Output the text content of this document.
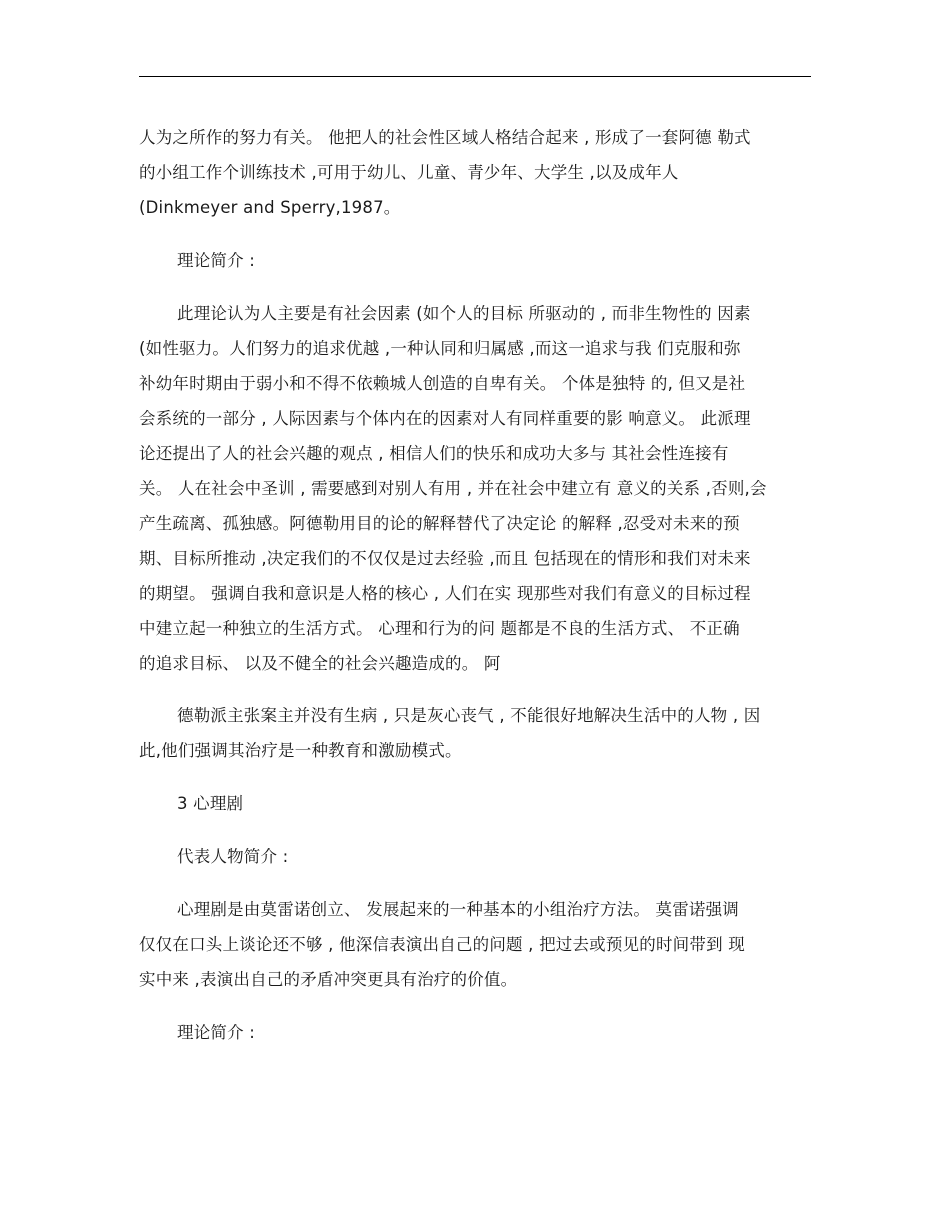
人为之所作的努力有关。 他把人的社会性区域人格结合起来 , 形成了一套阿德 勒式
的小组工作个训练技术 ,可用于幼儿、儿童、青少年、大学生 ,以及成年人
(Dinkmeyer and Sperry,1987。

理论简介 :

此理论认为人主要是有社会因素 (如个人的目标 所驱动的 , 而非生物性的 因素

(如性驱力。人们努力的追求优越 ,一种认同和归属感 ,而这一追求与我 们克服和弥
补幼年时期由于弱小和不得不依赖城人创造的自卑有关。 个体是独特 的, 但又是社
会系统的一部分 , 人际因素与个体内在的因素对人有同样重要的影 响意义。 此派理
论还提出了人的社会兴趣的观点 , 相信人们的快乐和成功大多与 其社会性连接有
关。 人在社会中圣训 , 需要感到对别人有用 , 并在社会中建立有 意义的关系 ,否则,会
产生疏离、孤独感。阿德勒用目的论的解释替代了决定论 的解释 ,忍受对未来的预
期、目标所推动 ,决定我们的不仅仅是过去经验 ,而且 包括现在的情形和我们对未来
的期望。 强调自我和意识是人格的核心 , 人们在实 现那些对我们有意义的目标过程
中建立起一种独立的生活方式。 心理和行为的问 题都是不良的生活方式、 不正确
的追求目标、 以及不健全的社会兴趣造成的。 阿

德勒派主张案主并没有生病 , 只是灰心丧气 , 不能很好地解决生活中的人物 , 因

此,他们强调其治疗是一种教育和激励模式。

3 心理剧

代表人物简介 :

心理剧是由莫雷诺创立、 发展起来的一种基本的小组治疗方法。 莫雷诺强调

仅仅在口头上谈论还不够 , 他深信表演出自己的问题 , 把过去或预见的时间带到 现
实中来 ,表演出自己的矛盾冲突更具有治疗的价值。

理论简介 :
